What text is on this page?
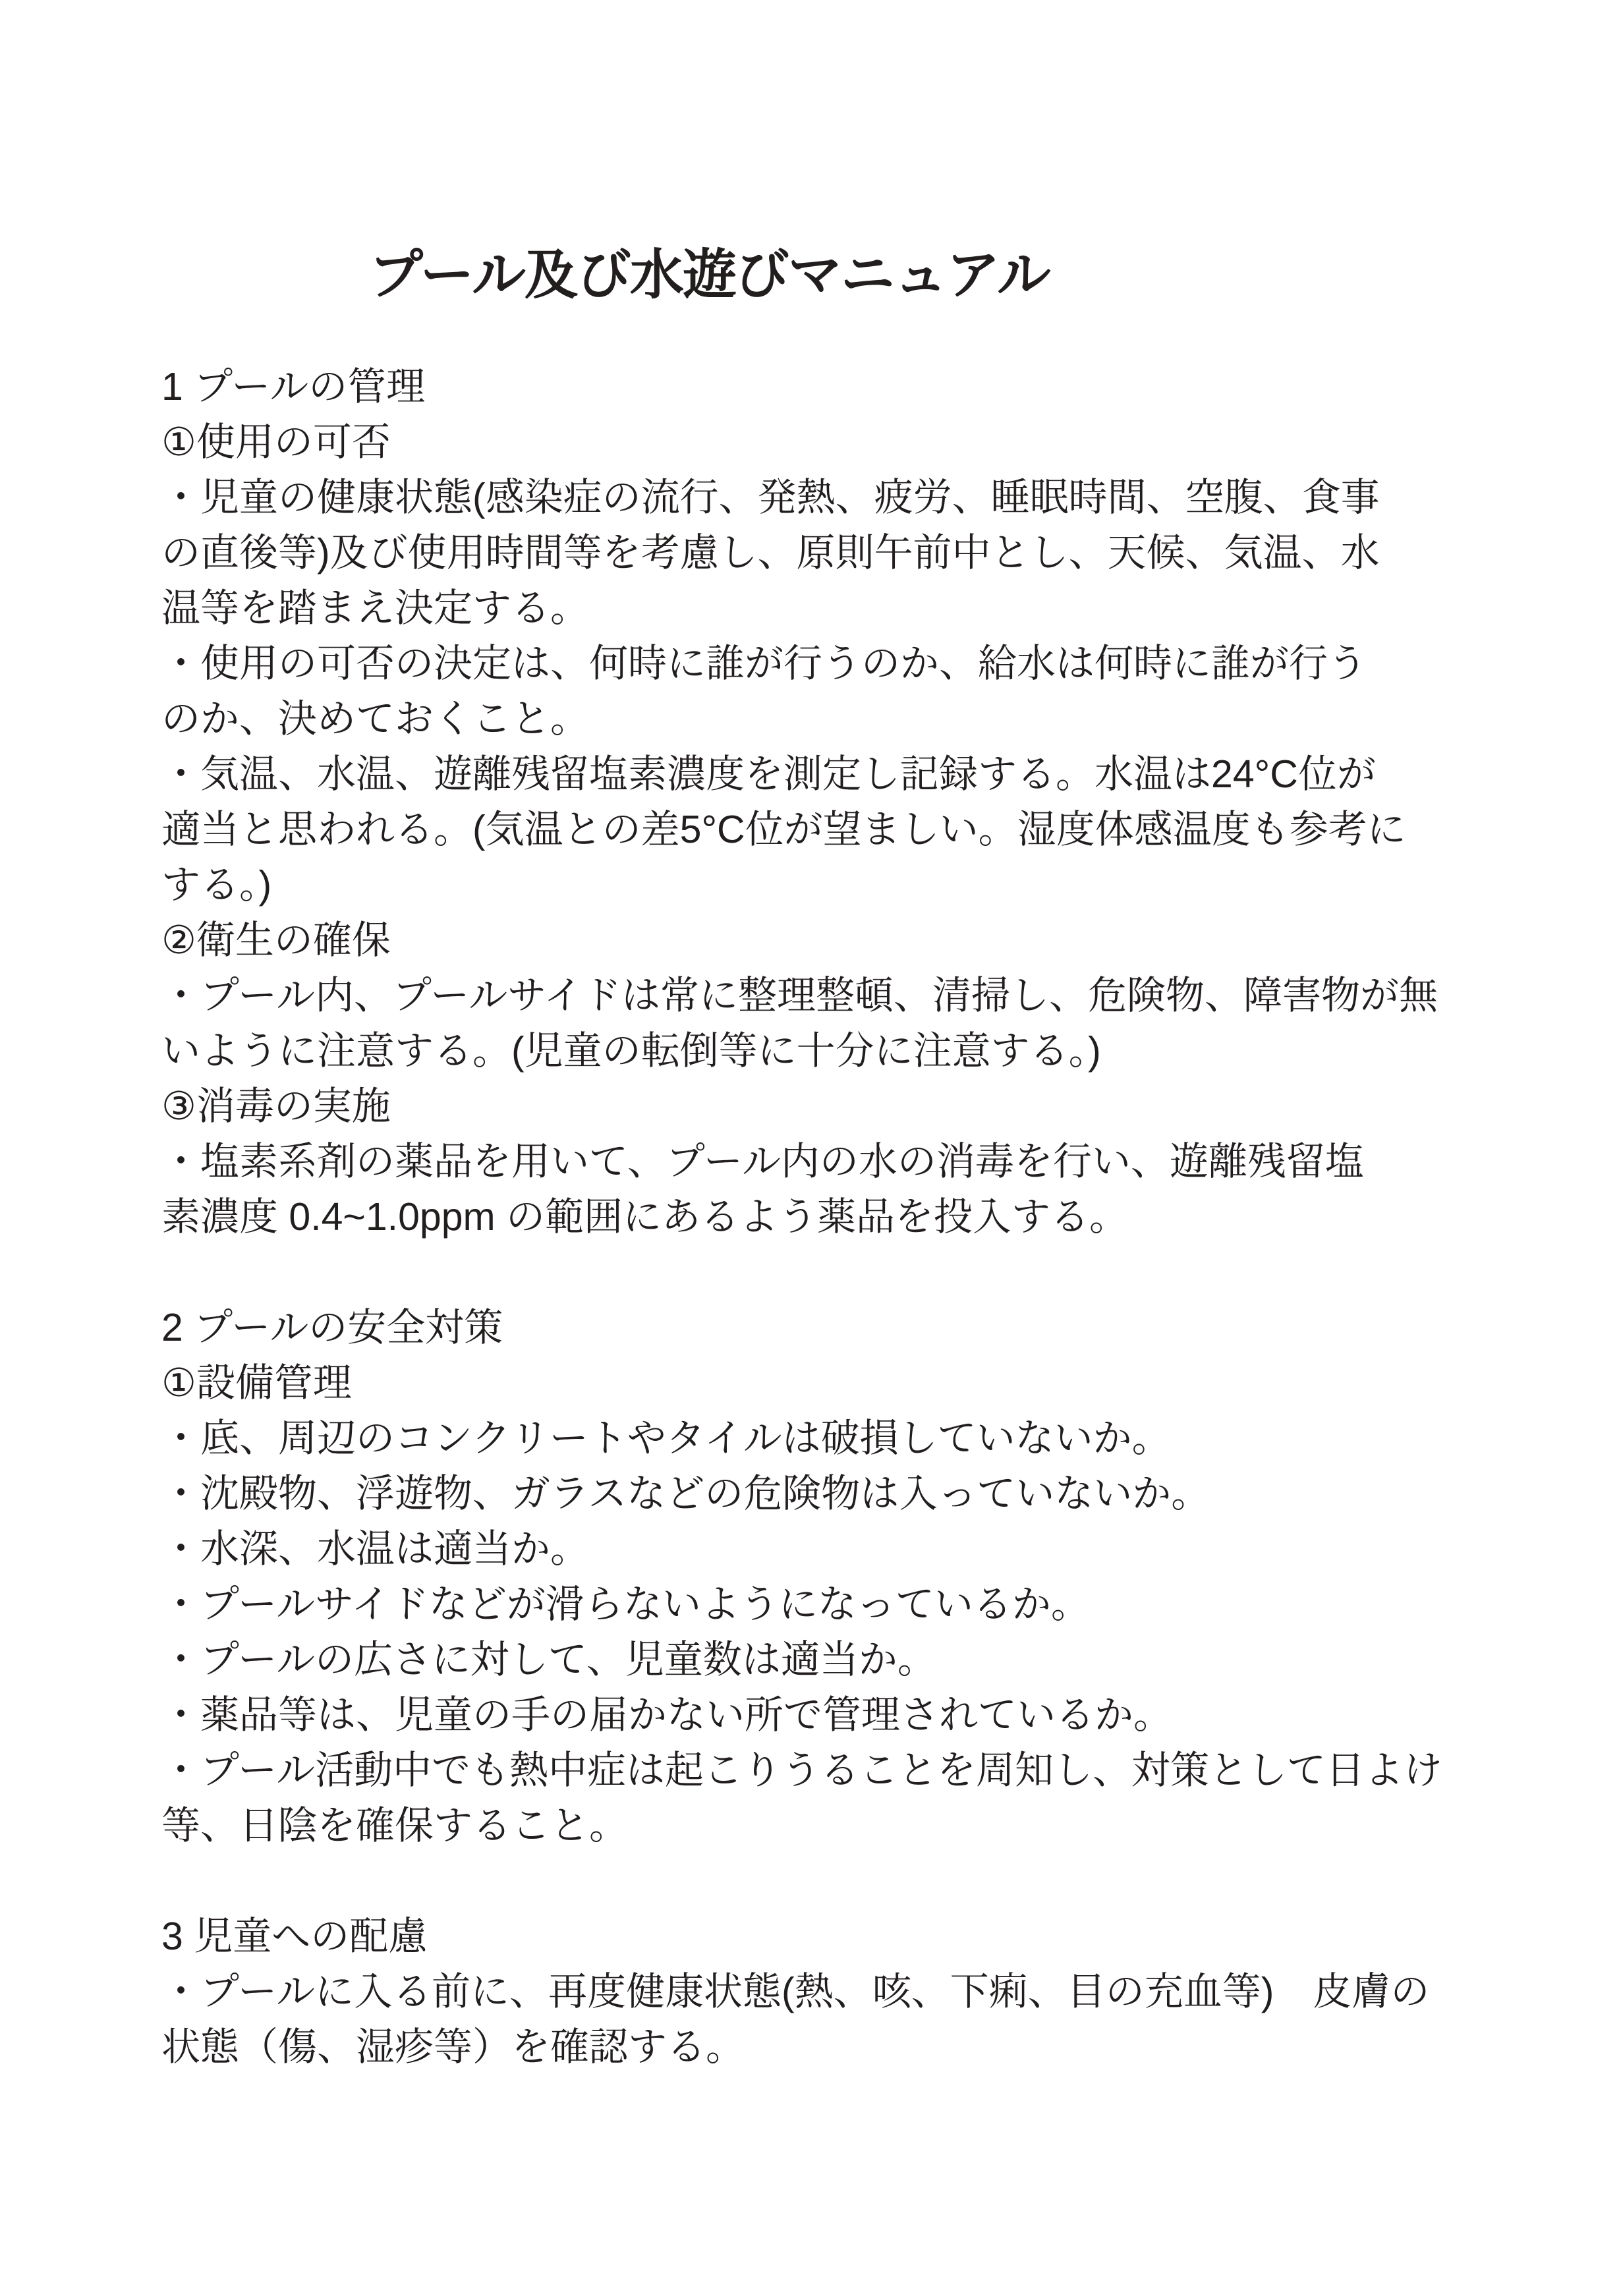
プール及び水遊びマニュアル
1 プールの管理
①使用の可否
・児童の健康状態(感染症の流行、発熱、疲労、睡眠時間、空腹、食事
の直後等)及び使用時間等を考慮し、原則午前中とし、天候、気温、水
温等を踏まえ決定する。
・使用の可否の決定は、何時に誰が行うのか、給水は何時に誰が行う
のか、決めておくこと。
・気温、水温、遊離残留塩素濃度を測定し記録する。水温は24°C位が
適当と思われる。(気温との差5°C位が望ましい。湿度体感温度も参考に
する。)
②衛生の確保
・プール内、プールサイドは常に整理整頓、清掃し、危険物、障害物が無
いように注意する。(児童の転倒等に十分に注意する。)
③消毒の実施
・塩素系剤の薬品を用いて、プール内の水の消毒を行い、遊離残留塩
素濃度 0.4~1.0ppm の範囲にあるよう薬品を投入する。
2 プールの安全対策
①設備管理
・底、周辺のコンクリートやタイルは破損していないか。
・沈殿物、浮遊物、ガラスなどの危険物は入っていないか。
・水深、水温は適当か。
・プールサイドなどが滑らないようになっているか。
・プールの広さに対して、児童数は適当か。
・薬品等は、児童の手の届かない所で管理されているか。
・プール活動中でも熱中症は起こりうることを周知し、対策として日よけ
等、日陰を確保すること。
3 児童への配慮
・プールに入る前に、再度健康状態(熱、咳、下痢、目の充血等)　皮膚の
状態（傷、湿疹等）を確認する。
